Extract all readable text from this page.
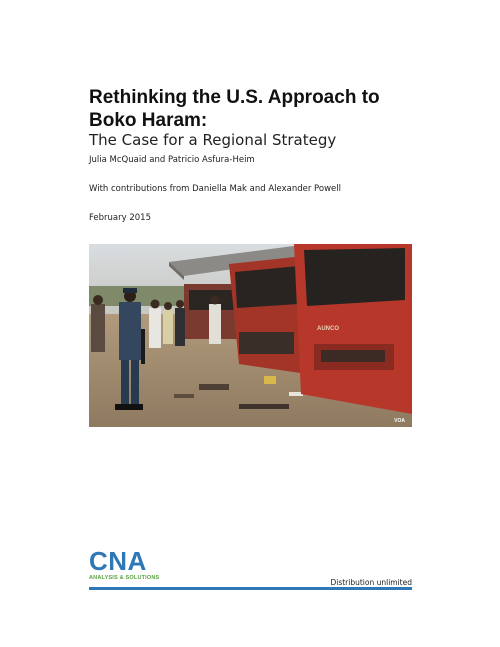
Rethinking the U.S. Approach to Boko Haram:
The Case for a Regional Strategy
Julia McQuaid and Patricio Asfura-Heim
With contributions from Daniella Mak and Alexander Powell
February 2015
AUNCO
VOA
CNA
ANALYSIS & SOLUTIONS	Distribution unlimited
